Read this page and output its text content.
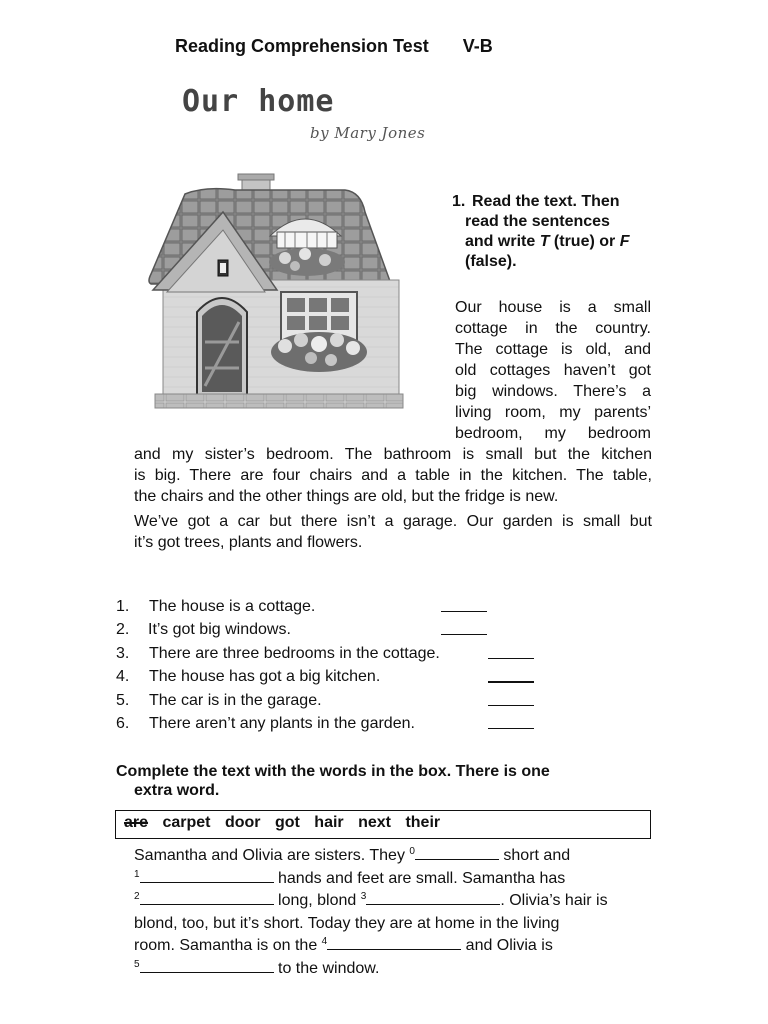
Reading Comprehension Test V-B
Our home
by Mary Jones
1. Read the text. Then
read the sentences
and write T (true) or F
(false).
Our house is a small
cottage in the country.
The cottage is old, and
old cottages haven’t got
big windows. There’s a
living room, my parents’
bedroom, my bedroom
and my sister’s bedroom. The bathroom is small but the kitchen
is big. There are four chairs and a table in the kitchen. The table,
the chairs and the other things are old, but the fridge is new.
We’ve got a car but there isn’t a garage. Our garden is small but
it’s got trees, plants and flowers.
1. The house is a cottage.
2. It’s got big windows.
3. There are three bedrooms in the cottage.
4. The house has got a big kitchen.
5. The car is in the garage.
6. There aren’t any plants in the garden.
Complete the text with the words in the box. There is one
extra word.
are carpet door got hair next their
Samantha and Olivia are sisters. They $^0$	short and
$^1$	hands and feet are small. Samantha has
$^2$	long, blond $^3$	. Olivia’s hair is
blond, too, but it’s short. Today they are at home in the living
room. Samantha is on the $^4$	and Olivia is
$^5$	to the window.
